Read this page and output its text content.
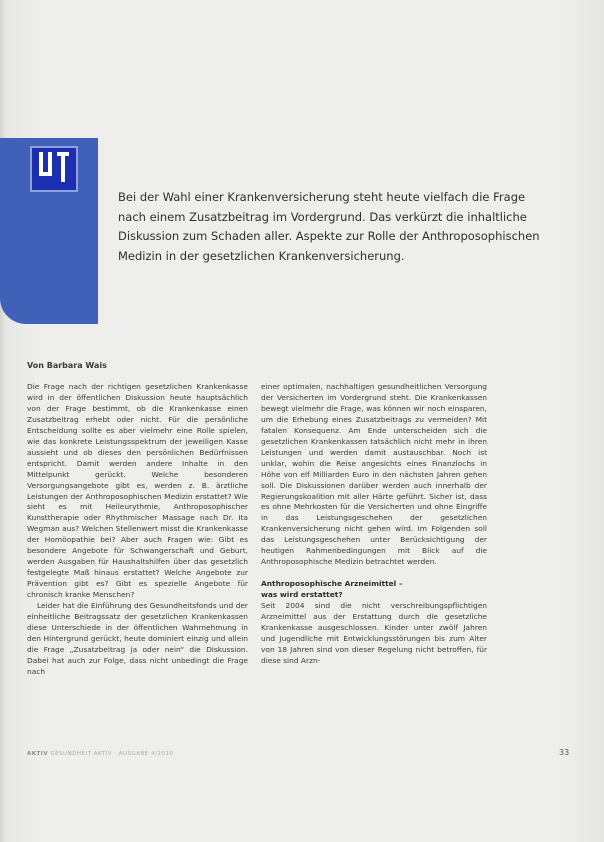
Bei der Wahl einer Krankenversicherung steht heute vielfach die Frage nach einem Zusatzbeitrag im Vordergrund. Das verkürzt die inhaltliche Diskussion zum Schaden aller. Aspekte zur Rolle der Anthroposophischen Medizin in der gesetzlichen Krankenversicherung.
Von Barbara Wais

Die Frage nach der richtigen gesetzlichen Krankenkasse wird in der öffentlichen Diskussion heute hauptsächlich von der Frage bestimmt, ob die Krankenkasse einen Zusatzbeitrag erhebt oder nicht. Für die persönliche Entscheidung sollte es aber vielmehr eine Rolle spielen, wie das konkrete Leistungsspektrum der jeweiligen Kasse aussieht und ob dieses den persönlichen Bedürfnissen entspricht. Damit werden andere Inhalte in den Mittelpunkt gerückt. Welche besonderen Versorgungsangebote gibt es, werden z. B. ärztliche Leistungen der Anthroposophischen Medizin erstattet? Wie sieht es mit Heileurythmie, Anthroposophischer Kunsttherapie oder Rhythmischer Massage nach Dr. Ita Wegman aus? Welchen Stellenwert misst die Krankenkasse der Homöopathie bei? Aber auch Fragen wie: Gibt es besondere Angebote für Schwangerschaft und Geburt, werden Ausgaben für Haushaltshilfen über das gesetzlich festgelegte Maß hinaus erstattet? Welche Angebote zur Prävention gibt es? Gibt es spezielle Angebote für chronisch kranke Menschen?

Leider hat die Einführung des Gesundheitsfonds und der einheitliche Beitragssatz der gesetzlichen Krankenkassen diese Unterschiede in der öffentlichen Wahrnehmung in den Hintergrund gerückt, heute dominiert einzig und allein die Frage „Zusatzbeitrag ja oder nein“ die Diskussion. Dabei hat auch zur Folge, dass nicht unbedingt die Frage nach

einer optimalen, nachhaltigen gesundheitlichen Versorgung der Versicherten im Vordergrund steht. Die Krankenkassen bewegt vielmehr die Frage, was können wir noch einsparen, um die Erhebung eines Zusatzbeitrags zu vermeiden? Mit fatalen Konsequenz. Am Ende unterscheiden sich die gesetzlichen Krankenkassen tatsächlich nicht mehr in ihren Leistungen und werden damit austauschbar. Noch ist unklar, wohin die Reise angesichts eines Finanzlochs in Höhe von elf Milliarden Euro in den nächsten Jahren gehen soll. Die Diskussionen darüber werden auch innerhalb der Regierungskoalition mit aller Härte geführt. Sicher ist, dass es ohne Mehrkosten für die Versicherten und ohne Eingriffe in das Leistungsgeschehen der gesetzlichen Krankenversicherung nicht gehen wird. Im Folgenden soll das Leistungsgeschehen unter Berücksichtigung der heutigen Rahmenbedingungen mit Blick auf die Anthroposophische Medizin betrachtet werden.

Anthroposophische Arzneimittel –
was wird erstattet?

Seit 2004 sind die nicht verschreibungspflichtigen Arzneimittel aus der Erstattung durch die gesetzliche Krankenkasse ausgeschlossen. Kinder unter zwölf Jahren und Jugendliche mit Entwicklungsstörungen bis zum Alter von 18 Jahren sind von dieser Regelung nicht betroffen, für diese sind Arzn-

AKTIV GESUNDHEIT AKTIV · AUSGABE 4/2010	33
